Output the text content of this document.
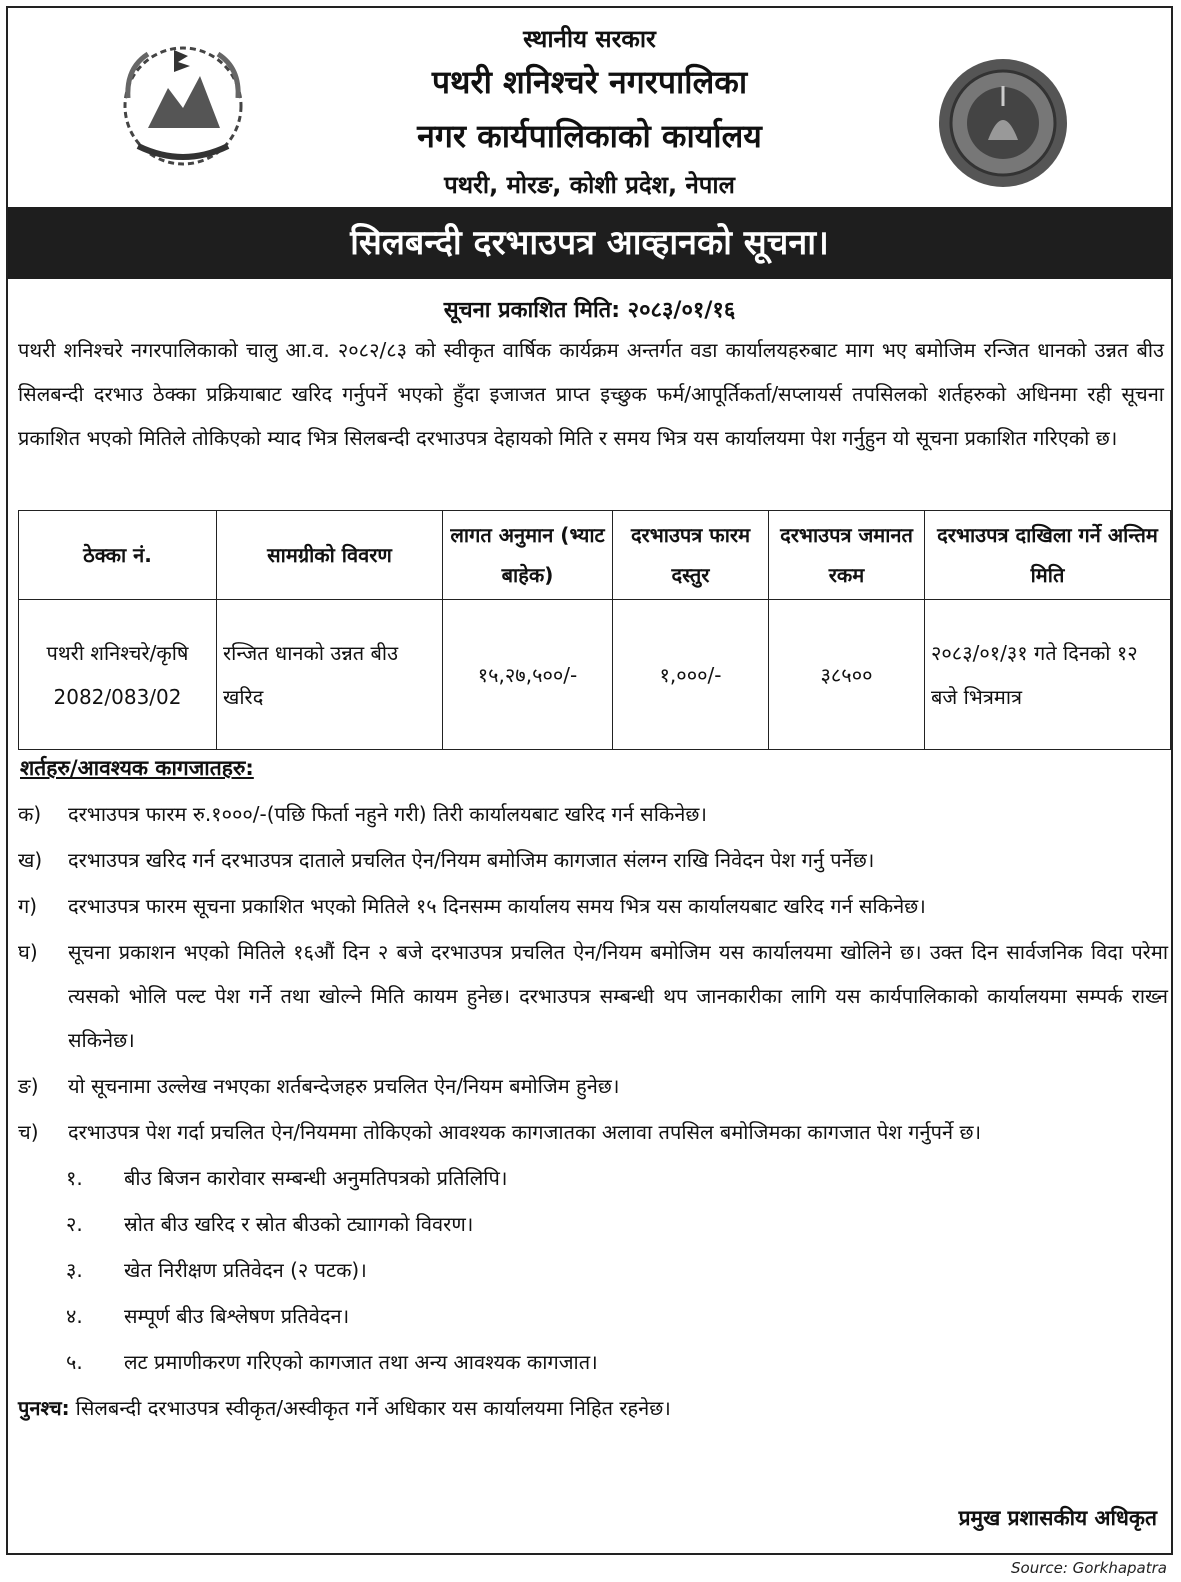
स्थानीय सरकार
पथरी शनिश्चरे नगरपालिका
नगर कार्यपालिकाको कार्यालय
पथरी, मोरङ, कोशी प्रदेश, नेपाल
सिलबन्दी दरभाउपत्र आव्हानको सूचना।
सूचना प्रकाशित मिति: २०८३/०१/१६
पथरी शनिश्चरे नगरपालिकाको चालु आ.व. २०८२/८३ को स्वीकृत वार्षिक कार्यक्रम अन्तर्गत वडा कार्यालयहरुबाट माग भए बमोजिम रन्जित धानको उन्नत बीउ सिलबन्दी दरभाउ ठेक्का प्रक्रियाबाट खरिद गर्नुपर्ने भएको हुँदा इजाजत प्राप्त इच्छुक फर्म/आपूर्तिकर्ता/सप्लायर्स तपसिलको शर्तहरुको अधिनमा रही सूचना प्रकाशित भएको मितिले तोकिएको म्याद भित्र सिलबन्दी दरभाउपत्र देहायको मिति र समय भित्र यस कार्यालयमा पेश गर्नुहुन यो सूचना प्रकाशित गरिएको छ।
ठेक्का नं.	सामग्रीको विवरण	लागत अनुमान (भ्याट बाहेक)	दरभाउपत्र फारम दस्तुर	दरभाउपत्र जमानत रकम	दरभाउपत्र दाखिला गर्ने अन्तिम मिति
पथरी शनिश्चरे/कृषि 2082/083/02	रन्जित धानको उन्नत बीउ खरिद	१५,२७,५००/-	१,०००/-	३८५००	२०८३/०१/३१ गते दिनको १२ बजे भित्रमात्र
शर्तहरु/आवश्यक कागजातहरु:
क)	दरभाउपत्र फारम रु.१०००/-(पछि फिर्ता नहुने गरी) तिरी कार्यालयबाट खरिद गर्न सकिनेछ।
ख)	दरभाउपत्र खरिद गर्न दरभाउपत्र दाताले प्रचलित ऐन/नियम बमोजिम कागजात संलग्न राखि निवेदन पेश गर्नु पर्नेछ।
ग)	दरभाउपत्र फारम सूचना प्रकाशित भएको मितिले १५ दिनसम्म कार्यालय समय भित्र यस कार्यालयबाट खरिद गर्न सकिनेछ।
घ)	सूचना प्रकाशन भएको मितिले १६औं दिन २ बजे दरभाउपत्र प्रचलित ऐन/नियम बमोजिम यस कार्यालयमा खोलिने छ। उक्त दिन सार्वजनिक विदा परेमा त्यसको भोलि पल्ट पेश गर्ने तथा खोल्ने मिति कायम हुनेछ। दरभाउपत्र सम्बन्धी थप जानकारीका लागि यस कार्यपालिकाको कार्यालयमा सम्पर्क राख्न सकिनेछ।
ङ)	यो सूचनामा उल्लेख नभएका शर्तबन्देजहरु प्रचलित ऐन/नियम बमोजिम हुनेछ।
च)	दरभाउपत्र पेश गर्दा प्रचलित ऐन/नियममा तोकिएको आवश्यक कागजातका अलावा तपसिल बमोजिमका कागजात पेश गर्नुपर्ने छ।
१.	बीउ बिजन कारोवार सम्बन्धी अनुमतिपत्रको प्रतिलिपि।
२.	स्रोत बीउ खरिद र स्रोत बीउको ट्याागको विवरण।
३.	खेत निरीक्षण प्रतिवेदन (२ पटक)।
४.	सम्पूर्ण बीउ बिश्लेषण प्रतिवेदन।
५.	लट प्रमाणीकरण गरिएको कागजात तथा अन्य आवश्यक कागजात।
पुनश्च: सिलबन्दी दरभाउपत्र स्वीकृत/अस्वीकृत गर्ने अधिकार यस कार्यालयमा निहित रहनेछ।
प्रमुख प्रशासकीय अधिकृत
Source: Gorkhapatra
